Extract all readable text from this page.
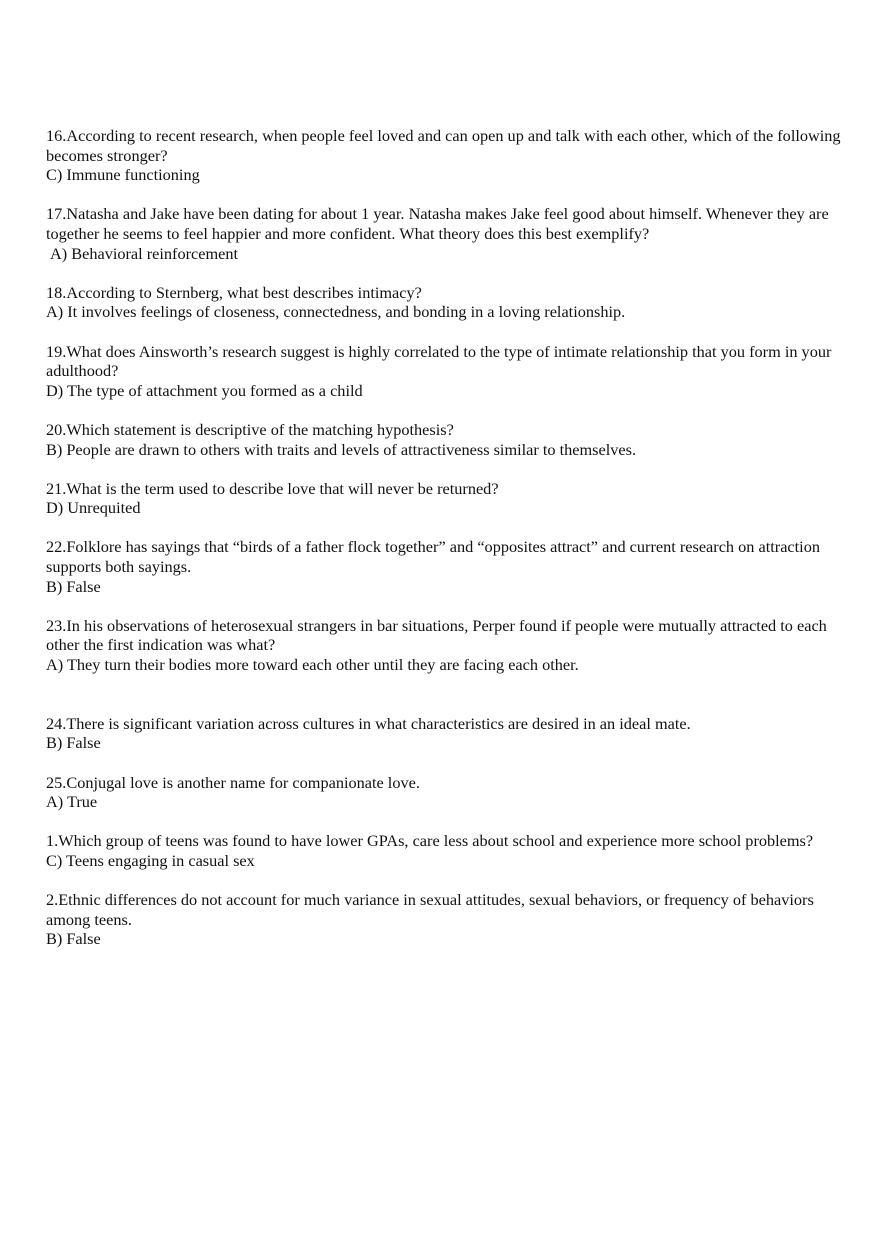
16.According to recent research, when people feel loved and can open up and talk with each other, which of the following becomes stronger?

C) Immune functioning

17.Natasha and Jake have been dating for about 1 year. Natasha makes Jake feel good about himself. Whenever they are together he seems to feel happier and more confident. What theory does this best exemplify?

A) Behavioral reinforcement

18.According to Sternberg, what best describes intimacy?

A) It involves feelings of closeness, connectedness, and bonding in a loving relationship.

19.What does Ainsworth’s research suggest is highly correlated to the type of intimate relationship that you form in your adulthood?

D) The type of attachment you formed as a child

20.Which statement is descriptive of the matching hypothesis?

B) People are drawn to others with traits and levels of attractiveness similar to themselves.

21.What is the term used to describe love that will never be returned?

D) Unrequited

22.Folklore has sayings that “birds of a father flock together” and “opposites attract” and current research on attraction supports both sayings.

B) False

23.In his observations of heterosexual strangers in bar situations, Perper found if people were mutually attracted to each other the first indication was what?

A) They turn their bodies more toward each other until they are facing each other.

24.There is significant variation across cultures in what characteristics are desired in an ideal mate.

B) False

25.Conjugal love is another name for companionate love.

A) True

1.Which group of teens was found to have lower GPAs, care less about school and experience more school problems?

C) Teens engaging in casual sex

2.Ethnic differences do not account for much variance in sexual attitudes, sexual behaviors, or frequency of behaviors among teens.

B) False
